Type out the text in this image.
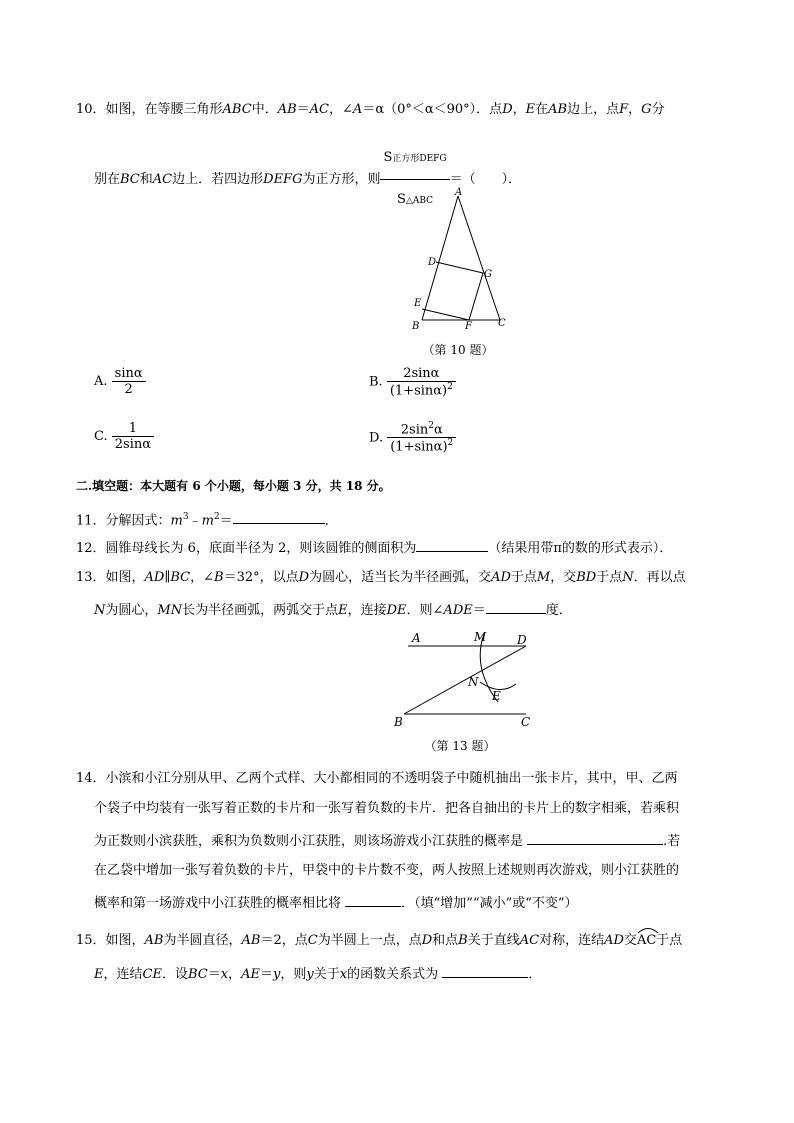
10．如图，在等腰三角形ABC中．AB＝AC，∠A＝α（0°＜α＜90°）．点D，E在AB边上，点F，G分
别在BC和AC边上．若四边形DEFG为正方形，则 $\frac{\text{S正方形DEFG}}{\text{S△ABC}}$ ＝（　　）．
A
D
G
E
B	F	C
（第 10 题）
A. $\frac{\sin\alpha}{2}$	B. $\frac{2\sin\alpha}{(1+\sin\alpha)^2}$
C. $\frac{1}{2\sin\alpha}$	D. $\frac{2\sin^2\alpha}{(1+\sin\alpha)^2}$
二.填空题：本大题有 6 个小题，每小题 3 分，共 18 分。
11．分解因式：$m^3﹣m^2=$	．
12．圆锥母线长为 6，底面半径为 2，则该圆锥的侧面积为	（结果用带π的数的形式表示）．
13．如图，AD∥BC，∠B＝32°，以点D为圆心，适当长为半径画弧，交AD于点M，交BD于点N．再以点
N为圆心，MN长为半径画弧，两弧交于点E，连接DE．则∠ADE＝	度．
A	M	D
N
E
B	C
（第 13 题）
14．小滨和小江分别从甲、乙两个式样、大小都相同的不透明袋子中随机抽出一张卡片，其中，甲、乙两
个袋子中均装有一张写着正数的卡片和一张写着负数的卡片．把各自抽出的卡片上的数字相乘，若乘积
为正数则小滨获胜，乘积为负数则小江获胜，则该场游戏小江获胜的概率是	.若
在乙袋中增加一张写着负数的卡片，甲袋中的卡片数不变，两人按照上述规则再次游戏，则小江获胜的
概率和第一场游戏中小江获胜的概率相比将	．（填“增加”“减小”或“不变”）
15．如图，AB为半圆直径，AB＝2，点C为半圆上一点，点D和点B关于直线AC对称，连结AD交
AC于点
E，连结CE．设BC＝x，AE＝y，则y关于x的函数关系式为	．
